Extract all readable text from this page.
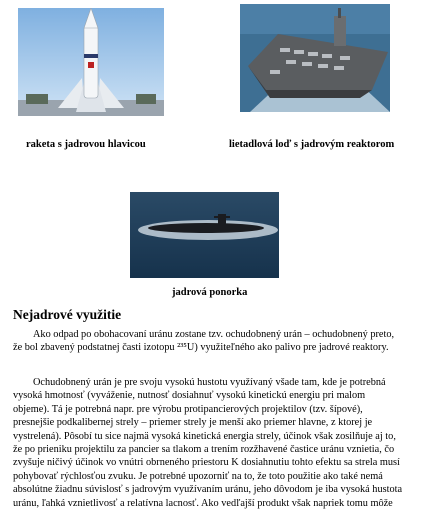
raketa s jadrovou hlavicou	lietadlová loď s jadrovým reaktorom
jadrová ponorka
Nejadrové využitie
Ako odpad po obohacovaní uránu zostane tzv. ochudobnený urán – ochudobnený preto,
že bol zbavený podstatnej časti izotopu ²³⁵U) využiteľného ako palivo pre jadrové reaktory.
Ochudobnený urán je pre svoju vysokú hustotu využívaný všade tam, kde je potrebná
vysoká hmotnosť (vyváženie, nutnosť dosiahnuť vysokú kinetickú energiu pri malom
objeme). Tá je potrebná napr. pre výrobu protipancierových projektilov (tzv. šípové),
presnejšie podkalibernej strely – priemer strely je menší ako priemer hlavne, z ktorej je
vystrelená). Pôsobí tu sice najmä vysoká kinetická energia strely, účinok však zosilňuje aj to,
že po prieniku projektilu za pancier sa tlakom a trením rozžhavené častice uránu vznietia, čo
zvyšuje ničivý účinok vo vnútri obrneného priestoru K dosiahnutiu tohto efektu sa strela musí
pohybovať rýchlosťou zvuku. Je potrebné upozorniť na to, že toto použitie ako také nemá
absolútne žiadnu súvislosť s jadrovým využívaním uránu, jeho dôvodom je iba vysoká hustota
uránu, ľahká vznietlivosť a relatívna lacnosť. Ako vedľajší produkt však napriek tomu môže
